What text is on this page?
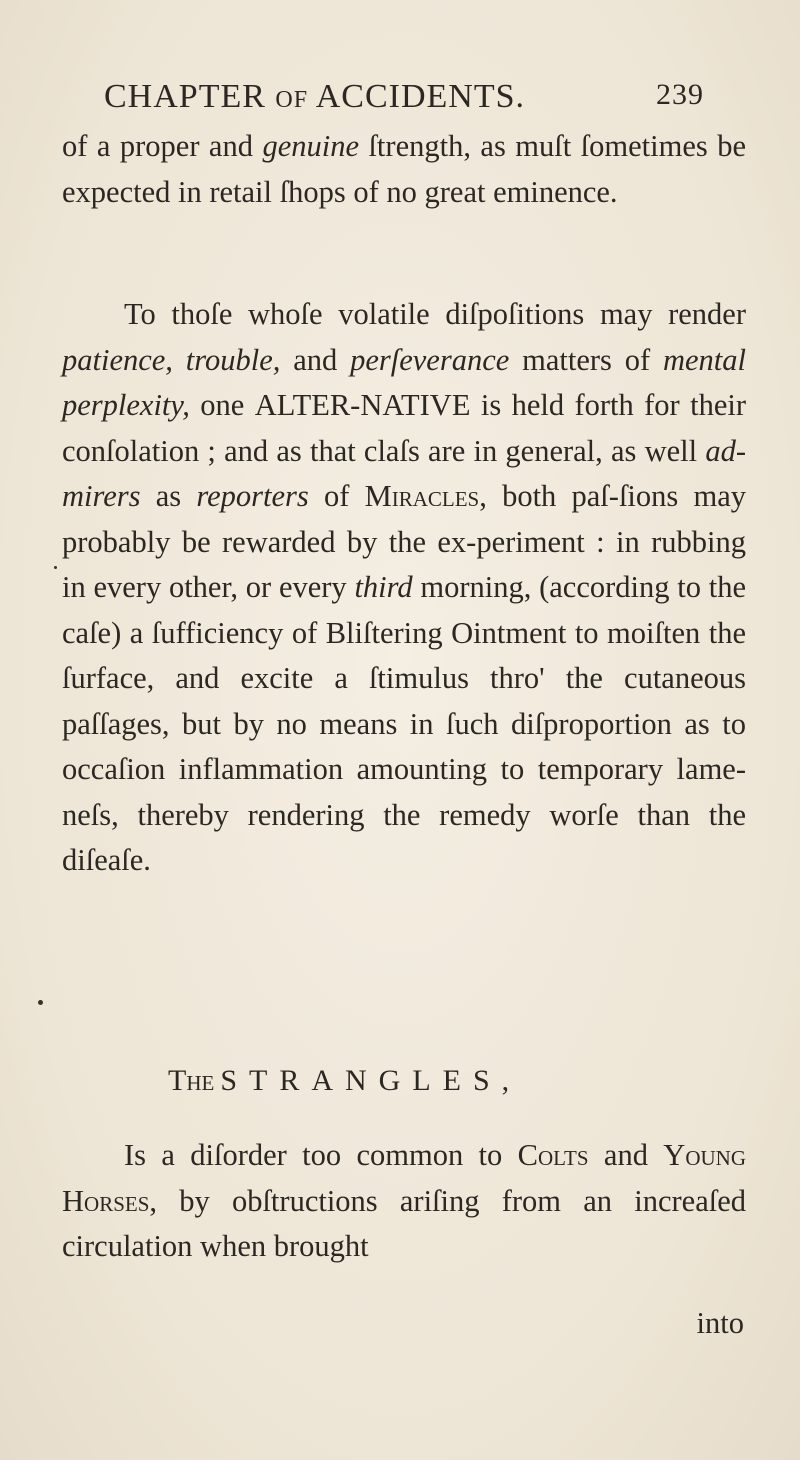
CHAPTER of ACCIDENTS.	239
of a proper and genuine ſtrength, as muſt ſometimes be expected in retail ſhops of no great eminence.
To thoſe whoſe volatile diſpoſitions may render patience, trouble, and perſeverance matters of mental perplexity, one ALTER-NATIVE is held forth for their conſolation ; and as that claſs are in general, as well ad-mirers as reporters of Miracles, both paſ-ſions may probably be rewarded by the ex-periment : in rubbing in every other, or every third morning, (according to the caſe) a ſufficiency of Bliſtering Ointment to moiſten the ſurface, and excite a ſtimulus thro' the cutaneous paſſages, but by no means in ſuch diſproportion as to occaſion inflammation amounting to temporary lame-neſs, thereby rendering the remedy worſe than the diſeaſe.
The STRANGLES,
Is a diſorder too common to Colts and Young Horses, by obſtructions ariſing from an increaſed circulation when brought
into
